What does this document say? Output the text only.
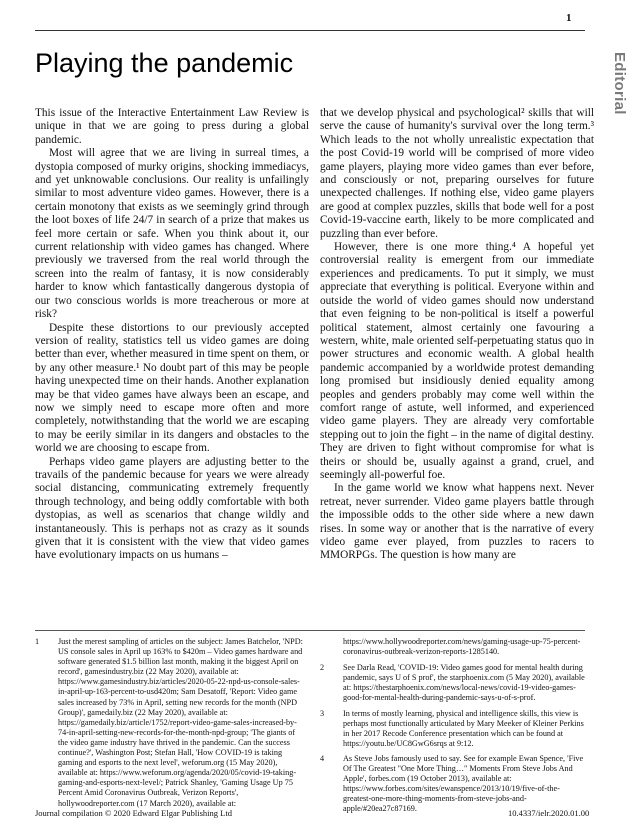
1
Editorial
Playing the pandemic

This issue of the Interactive Entertainment Law Review is unique in that we are going to press during a global pandemic.

Most will agree that we are living in surreal times, a dystopia composed of murky origins, shocking immediacys, and yet unknowable conclusions. Our reality is unfailingly similar to most adventure video games. However, there is a certain monotony that exists as we seemingly grind through the loot boxes of life 24/7 in search of a prize that makes us feel more certain or safe. When you think about it, our current relationship with video games has changed. Where previously we traversed from the real world through the screen into the realm of fantasy, it is now considerably harder to know which fantastically dangerous dystopia of our two conscious worlds is more treacherous or more at risk?

Despite these distortions to our previously accepted version of reality, statistics tell us video games are doing better than ever, whether measured in time spent on them, or by any other measure.¹ No doubt part of this may be people having unexpected time on their hands. Another explanation may be that video games have always been an escape, and now we simply need to escape more often and more completely, notwithstanding that the world we are escaping to may be eerily similar in its dangers and obstacles to the world we are choosing to escape from.

Perhaps video game players are adjusting better to the travails of the pandemic because for years we were already social distancing, communicating extremely frequently through technology, and being oddly comfortable with both dystopias, as well as scenarios that change wildly and instantaneously. This is perhaps not as crazy as it sounds given that it is consistent with the view that video games have evolutionary impacts on us humans –

that we develop physical and psychological² skills that will serve the cause of humanity's survival over the long term.³ Which leads to the not wholly unrealistic expectation that the post Covid-19 world will be comprised of more video game players, playing more video games than ever before, and consciously or not, preparing ourselves for future unexpected challenges. If nothing else, video game players are good at complex puzzles, skills that bode well for a post Covid-19-vaccine earth, likely to be more complicated and puzzling than ever before.

However, there is one more thing.⁴ A hopeful yet controversial reality is emergent from our immediate experiences and predicaments. To put it simply, we must appreciate that everything is political. Everyone within and outside the world of video games should now understand that even feigning to be non-political is itself a powerful political statement, almost certainly one favouring a western, white, male oriented self-perpetuating status quo in power structures and economic wealth. A global health pandemic accompanied by a worldwide protest demanding long promised but insidiously denied equality among peoples and genders probably may come well within the comfort range of astute, well informed, and experienced video game players. They are already very comfortable stepping out to join the fight – in the name of digital destiny. They are driven to fight without compromise for what is theirs or should be, usually against a grand, cruel, and seemingly all-powerful foe.

In the game world we know what happens next. Never retreat, never surrender. Video game players battle through the impossible odds to the other side where a new dawn rises. In some way or another that is the narrative of every video game ever played, from puzzles to racers to MMORPGs. The question is how many are

1 Just the merest sampling of articles on the subject: James Batchelor, 'NPD: US console sales in April up 163% to $420m – Video games hardware and software generated $1.5 billion last month, making it the biggest April on record', gamesindustry.biz (22 May 2020), available at: https://www.gamesindustry.biz/articles/2020-05-22-npd-us-console-sales-in-april-up-163-percent-to-usd420m; Sam Desatoff, 'Report: Video game sales increased by 73% in April, setting new records for the month (NPD Group)', gamedaily.biz (22 May 2020), available at: https://gamedaily.biz/article/1752/report-video-game-sales-increased-by-74-in-april-setting-new-records-for-the-month-npd-group; 'The giants of the video game industry have thrived in the pandemic. Can the success continue?', Washington Post; Stefan Hall, 'How COVID-19 is taking gaming and esports to the next level', weforum.org (15 May 2020), available at: https://www.weforum.org/agenda/2020/05/covid-19-taking-gaming-and-esports-next-level/; Patrick Shanley, 'Gaming Usage Up 75 Percent Amid Coronavirus Outbreak, Verizon Reports', hollywoodreporter.com (17 March 2020), available at:
https://www.hollywoodreporter.com/news/gaming-usage-up-75-percent-coronavirus-outbreak-verizon-reports-1285140.
2 See Darla Read, 'COVID-19: Video games good for mental health during pandemic, says U of S prof', the starphoenix.com (5 May 2020), available at: https://thestarphoenix.com/news/local-news/covid-19-video-games-good-for-mental-health-during-pandemic-says-u-of-s-prof.
3 In terms of mostly learning, physical and intelligence skills, this view is perhaps most functionally articulated by Mary Meeker of Kleiner Perkins in her 2017 Recode Conference presentation which can be found at https://youtu.be/UC8GwG6srqs at 9:12.
4 As Steve Jobs famously used to say. See for example Ewan Spence, 'Five Of The Greatest "One More Thing…" Moments From Steve Jobs And Apple', forbes.com (19 October 2013), available at: https://www.forbes.com/sites/ewanspence/2013/10/19/five-of-the-greatest-one-more-thing-moments-from-steve-jobs-and-apple/#20ea27c87169.
Journal compilation © 2020 Edward Elgar Publishing Ltd	10.4337/ielr.2020.01.00
